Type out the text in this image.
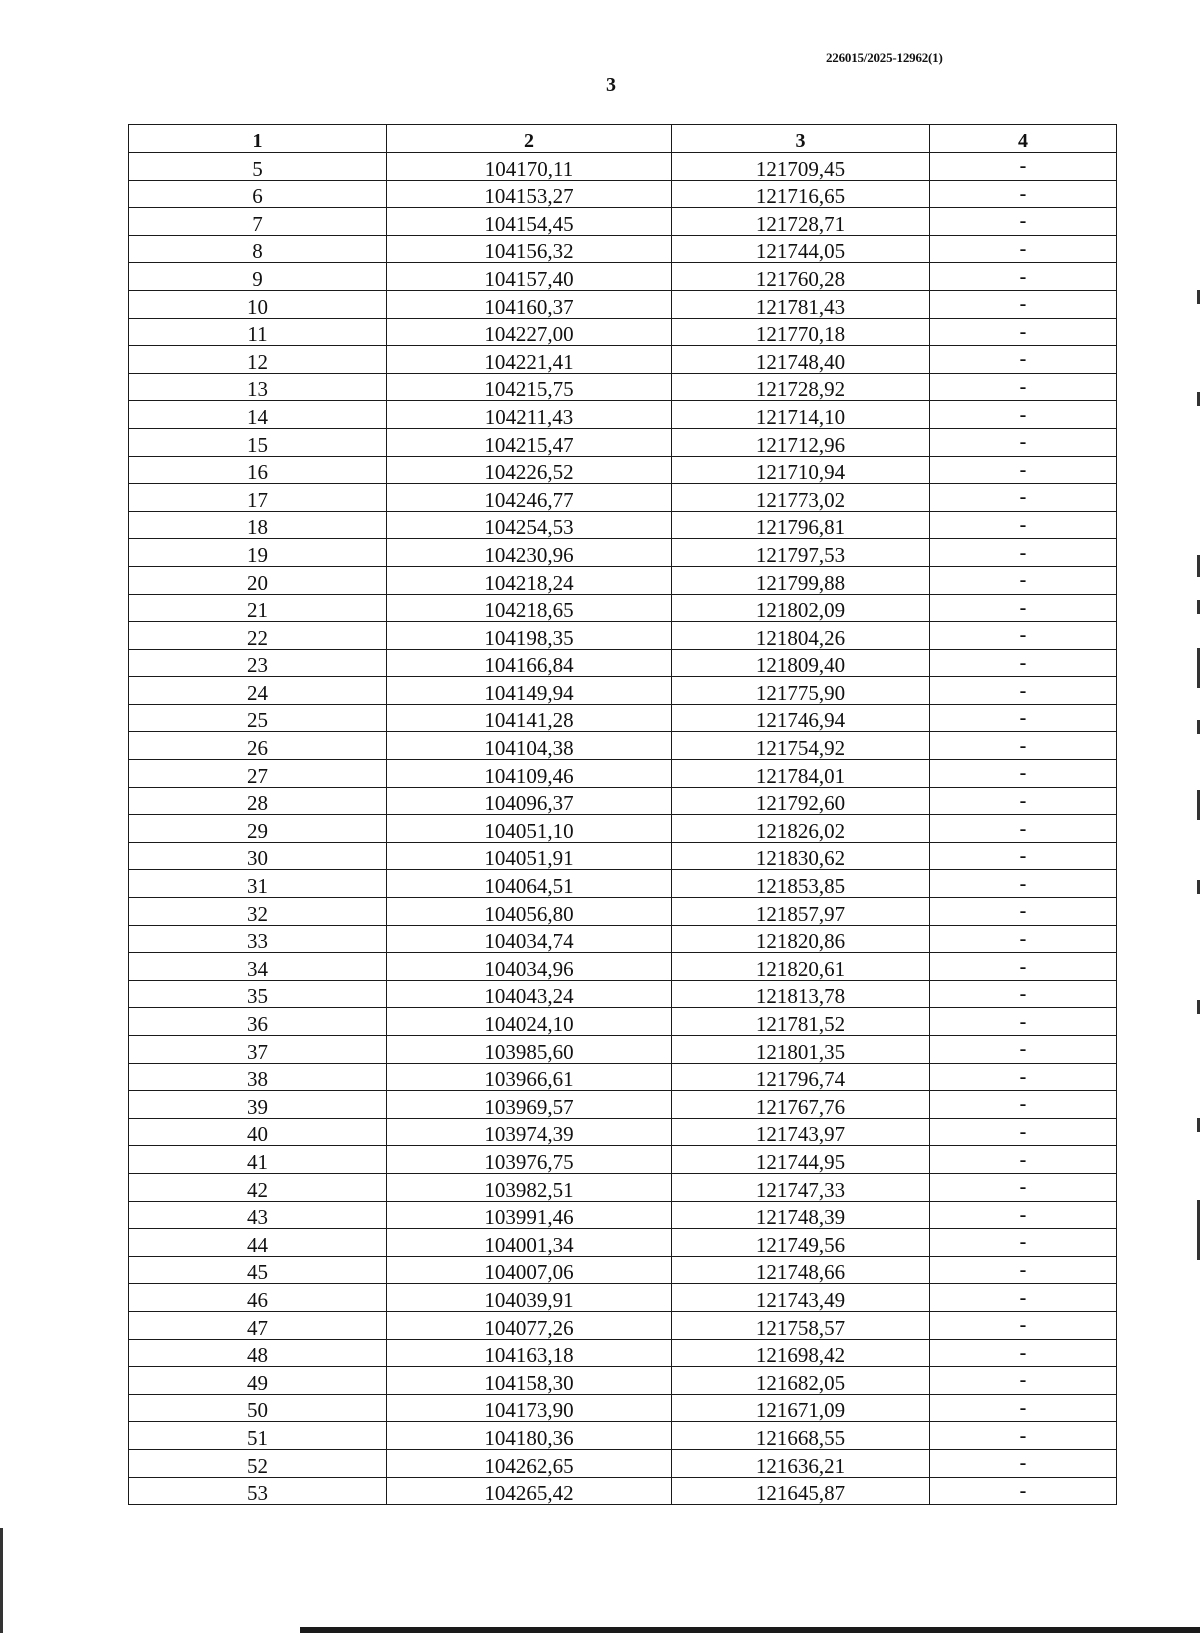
226015/2025-12962(1)
3
1	2	3	4
5	104170,11	121709,45	-
6	104153,27	121716,65	-
7	104154,45	121728,71	-
8	104156,32	121744,05	-
9	104157,40	121760,28	-
10	104160,37	121781,43	-
11	104227,00	121770,18	-
12	104221,41	121748,40	-
13	104215,75	121728,92	-
14	104211,43	121714,10	-
15	104215,47	121712,96	-
16	104226,52	121710,94	-
17	104246,77	121773,02	-
18	104254,53	121796,81	-
19	104230,96	121797,53	-
20	104218,24	121799,88	-
21	104218,65	121802,09	-
22	104198,35	121804,26	-
23	104166,84	121809,40	-
24	104149,94	121775,90	-
25	104141,28	121746,94	-
26	104104,38	121754,92	-
27	104109,46	121784,01	-
28	104096,37	121792,60	-
29	104051,10	121826,02	-
30	104051,91	121830,62	-
31	104064,51	121853,85	-
32	104056,80	121857,97	-
33	104034,74	121820,86	-
34	104034,96	121820,61	-
35	104043,24	121813,78	-
36	104024,10	121781,52	-
37	103985,60	121801,35	-
38	103966,61	121796,74	-
39	103969,57	121767,76	-
40	103974,39	121743,97	-
41	103976,75	121744,95	-
42	103982,51	121747,33	-
43	103991,46	121748,39	-
44	104001,34	121749,56	-
45	104007,06	121748,66	-
46	104039,91	121743,49	-
47	104077,26	121758,57	-
48	104163,18	121698,42	-
49	104158,30	121682,05	-
50	104173,90	121671,09	-
51	104180,36	121668,55	-
52	104262,65	121636,21	-
53	104265,42	121645,87	-
